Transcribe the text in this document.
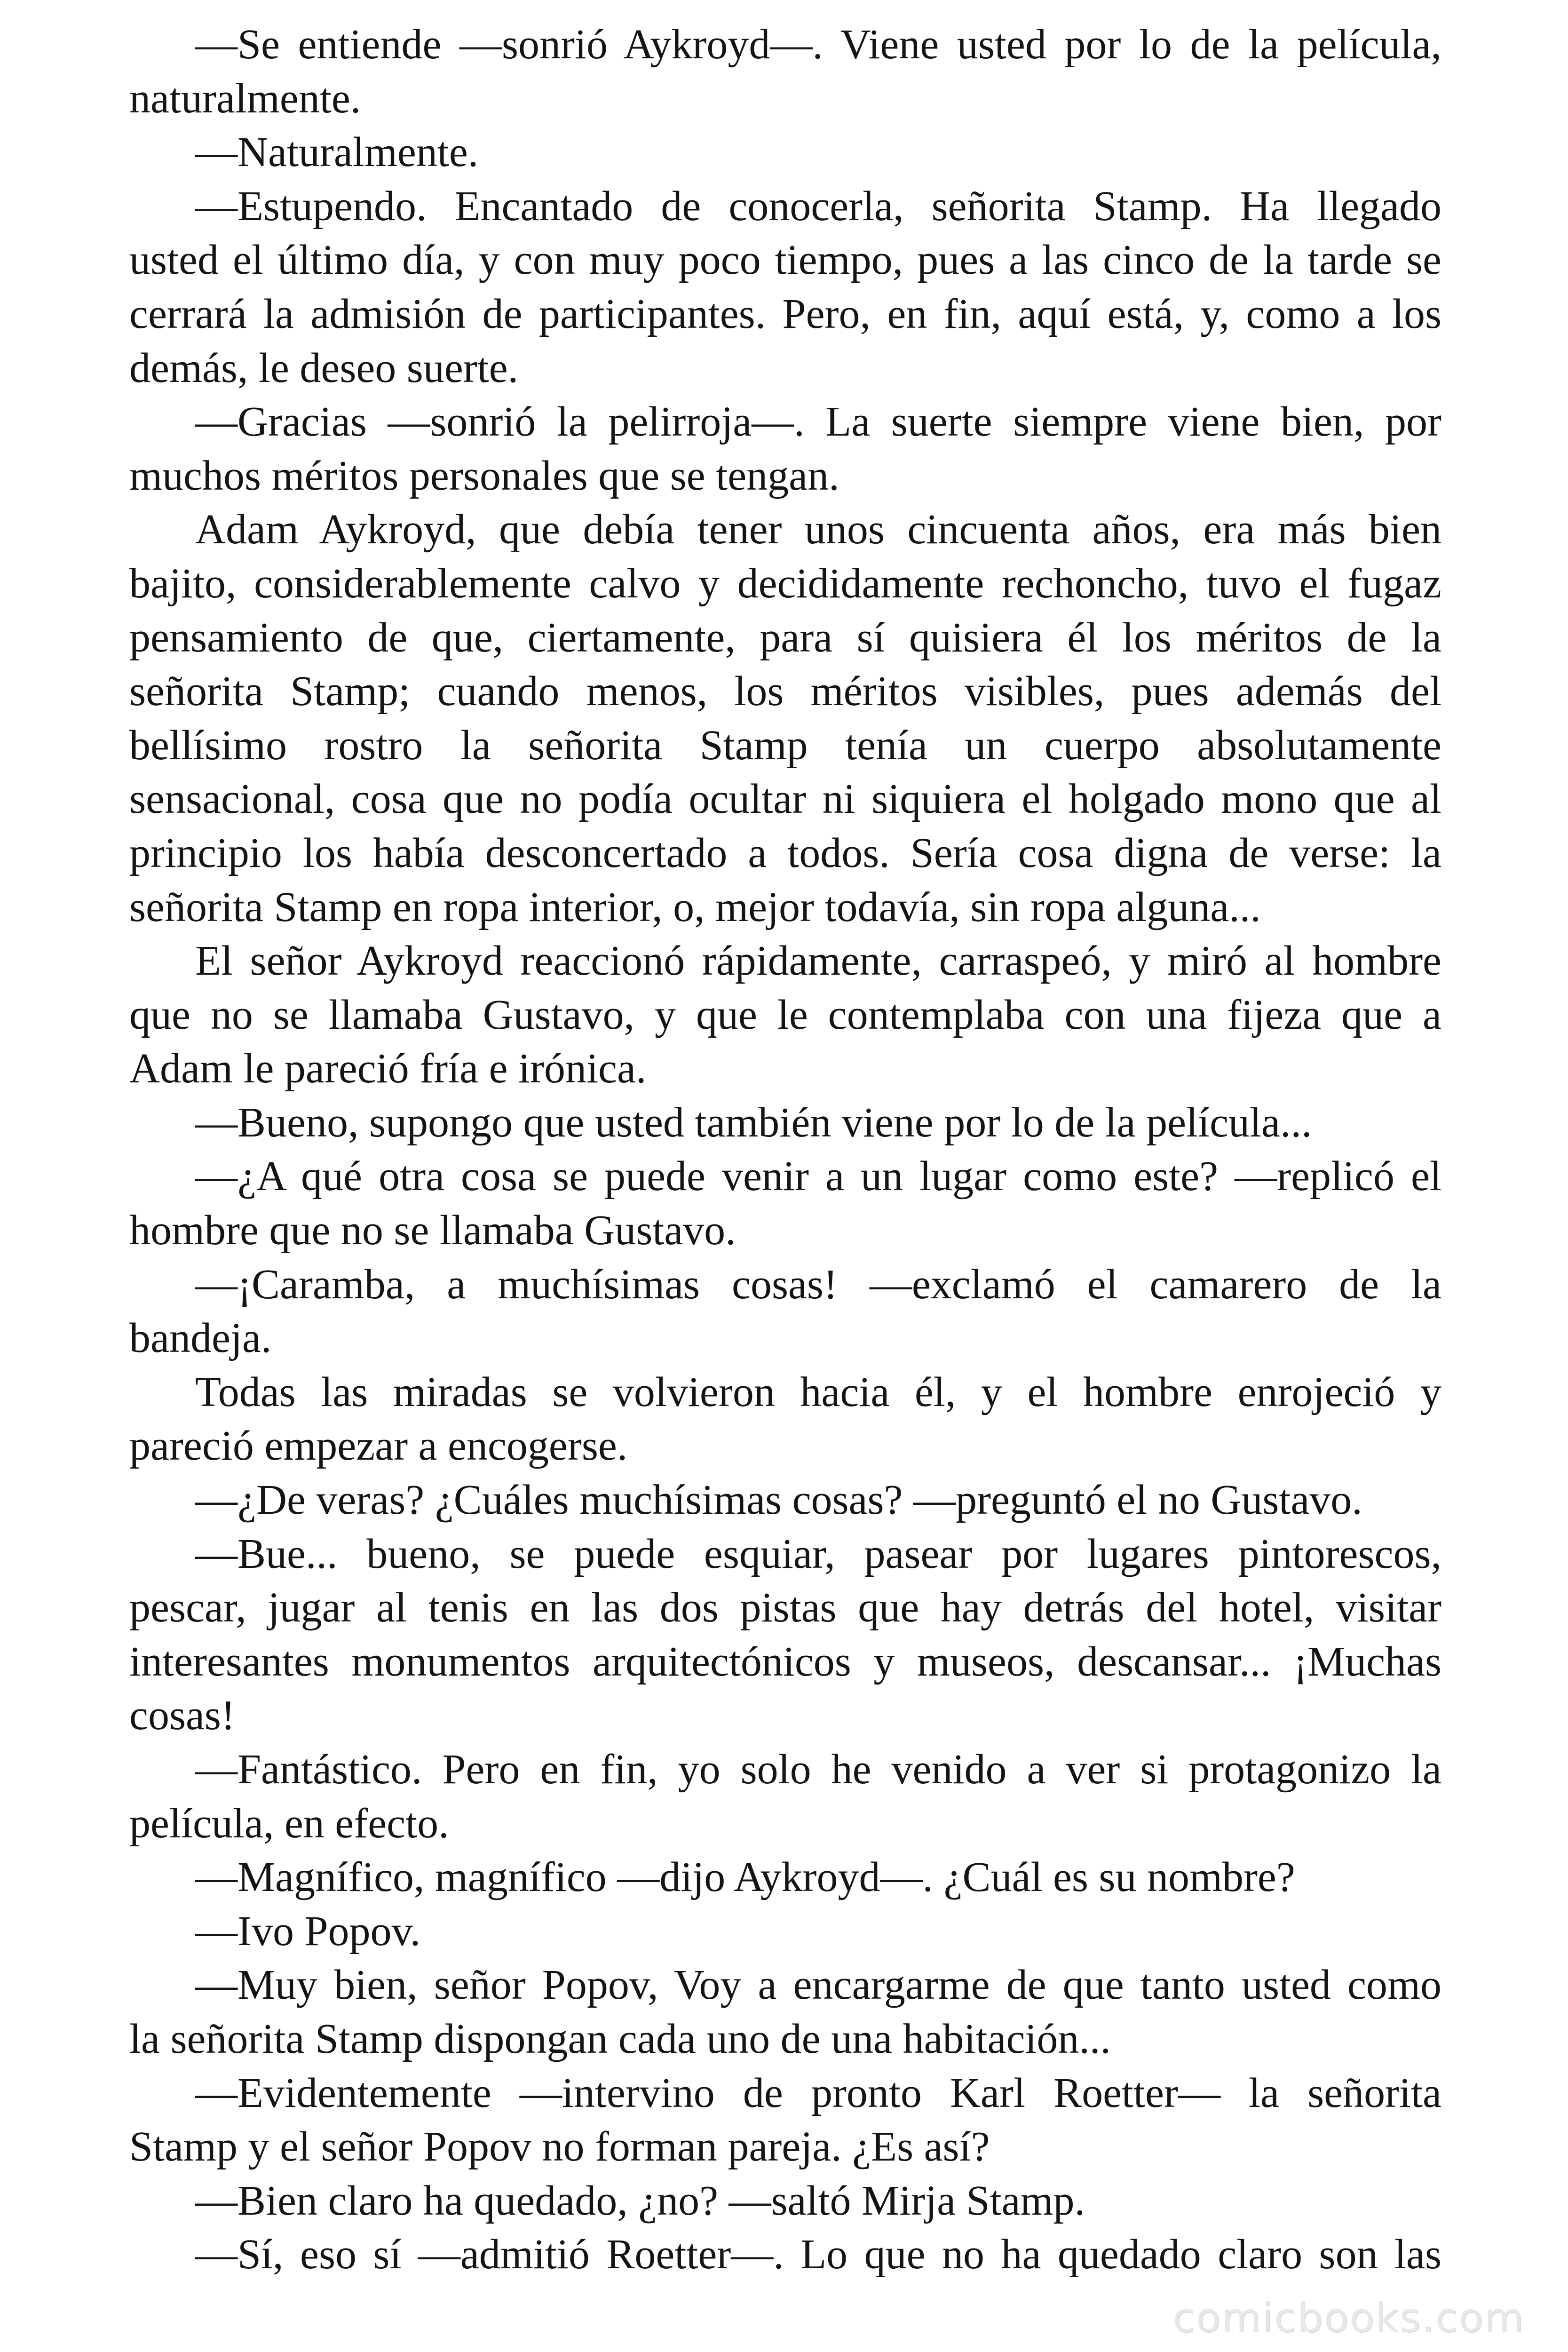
—Se entiende —sonrió Aykroyd—. Viene usted por lo de la película,
naturalmente.
—Naturalmente.
—Estupendo. Encantado de conocerla, señorita Stamp. Ha llegado
usted el último día, y con muy poco tiempo, pues a las cinco de la tarde se
cerrará la admisión de participantes. Pero, en fin, aquí está, y, como a los
demás, le deseo suerte.
—Gracias —sonrió la pelirroja—. La suerte siempre viene bien, por
muchos méritos personales que se tengan.
Adam Aykroyd, que debía tener unos cincuenta años, era más bien
bajito, considerablemente calvo y decididamente rechoncho, tuvo el fugaz
pensamiento de que, ciertamente, para sí quisiera él los méritos de la
señorita Stamp; cuando menos, los méritos visibles, pues además del
bellísimo rostro la señorita Stamp tenía un cuerpo absolutamente
sensacional, cosa que no podía ocultar ni siquiera el holgado mono que al
principio los había desconcertado a todos. Sería cosa digna de verse: la
señorita Stamp en ropa interior, o, mejor todavía, sin ropa alguna...
El señor Aykroyd reaccionó rápidamente, carraspeó, y miró al hombre
que no se llamaba Gustavo, y que le contemplaba con una fijeza que a
Adam le pareció fría e irónica.
—Bueno, supongo que usted también viene por lo de la película...
—¿A qué otra cosa se puede venir a un lugar como este? —replicó el
hombre que no se llamaba Gustavo.
—¡Caramba, a muchísimas cosas! —exclamó el camarero de la
bandeja.
Todas las miradas se volvieron hacia él, y el hombre enrojeció y
pareció empezar a encogerse.
—¿De veras? ¿Cuáles muchísimas cosas? —preguntó el no Gustavo.
—Bue... bueno, se puede esquiar, pasear por lugares pintorescos,
pescar, jugar al tenis en las dos pistas que hay detrás del hotel, visitar
interesantes monumentos arquitectónicos y museos, descansar... ¡Muchas
cosas!
—Fantástico. Pero en fin, yo solo he venido a ver si protagonizo la
película, en efecto.
—Magnífico, magnífico —dijo Aykroyd—. ¿Cuál es su nombre?
—Ivo Popov.
—Muy bien, señor Popov, Voy a encargarme de que tanto usted como
la señorita Stamp dispongan cada uno de una habitación...
—Evidentemente —intervino de pronto Karl Roetter— la señorita
Stamp y el señor Popov no forman pareja. ¿Es así?
—Bien claro ha quedado, ¿no? —saltó Mirja Stamp.
—Sí, eso sí —admitió Roetter—. Lo que no ha quedado claro son las
comicbooks.com
